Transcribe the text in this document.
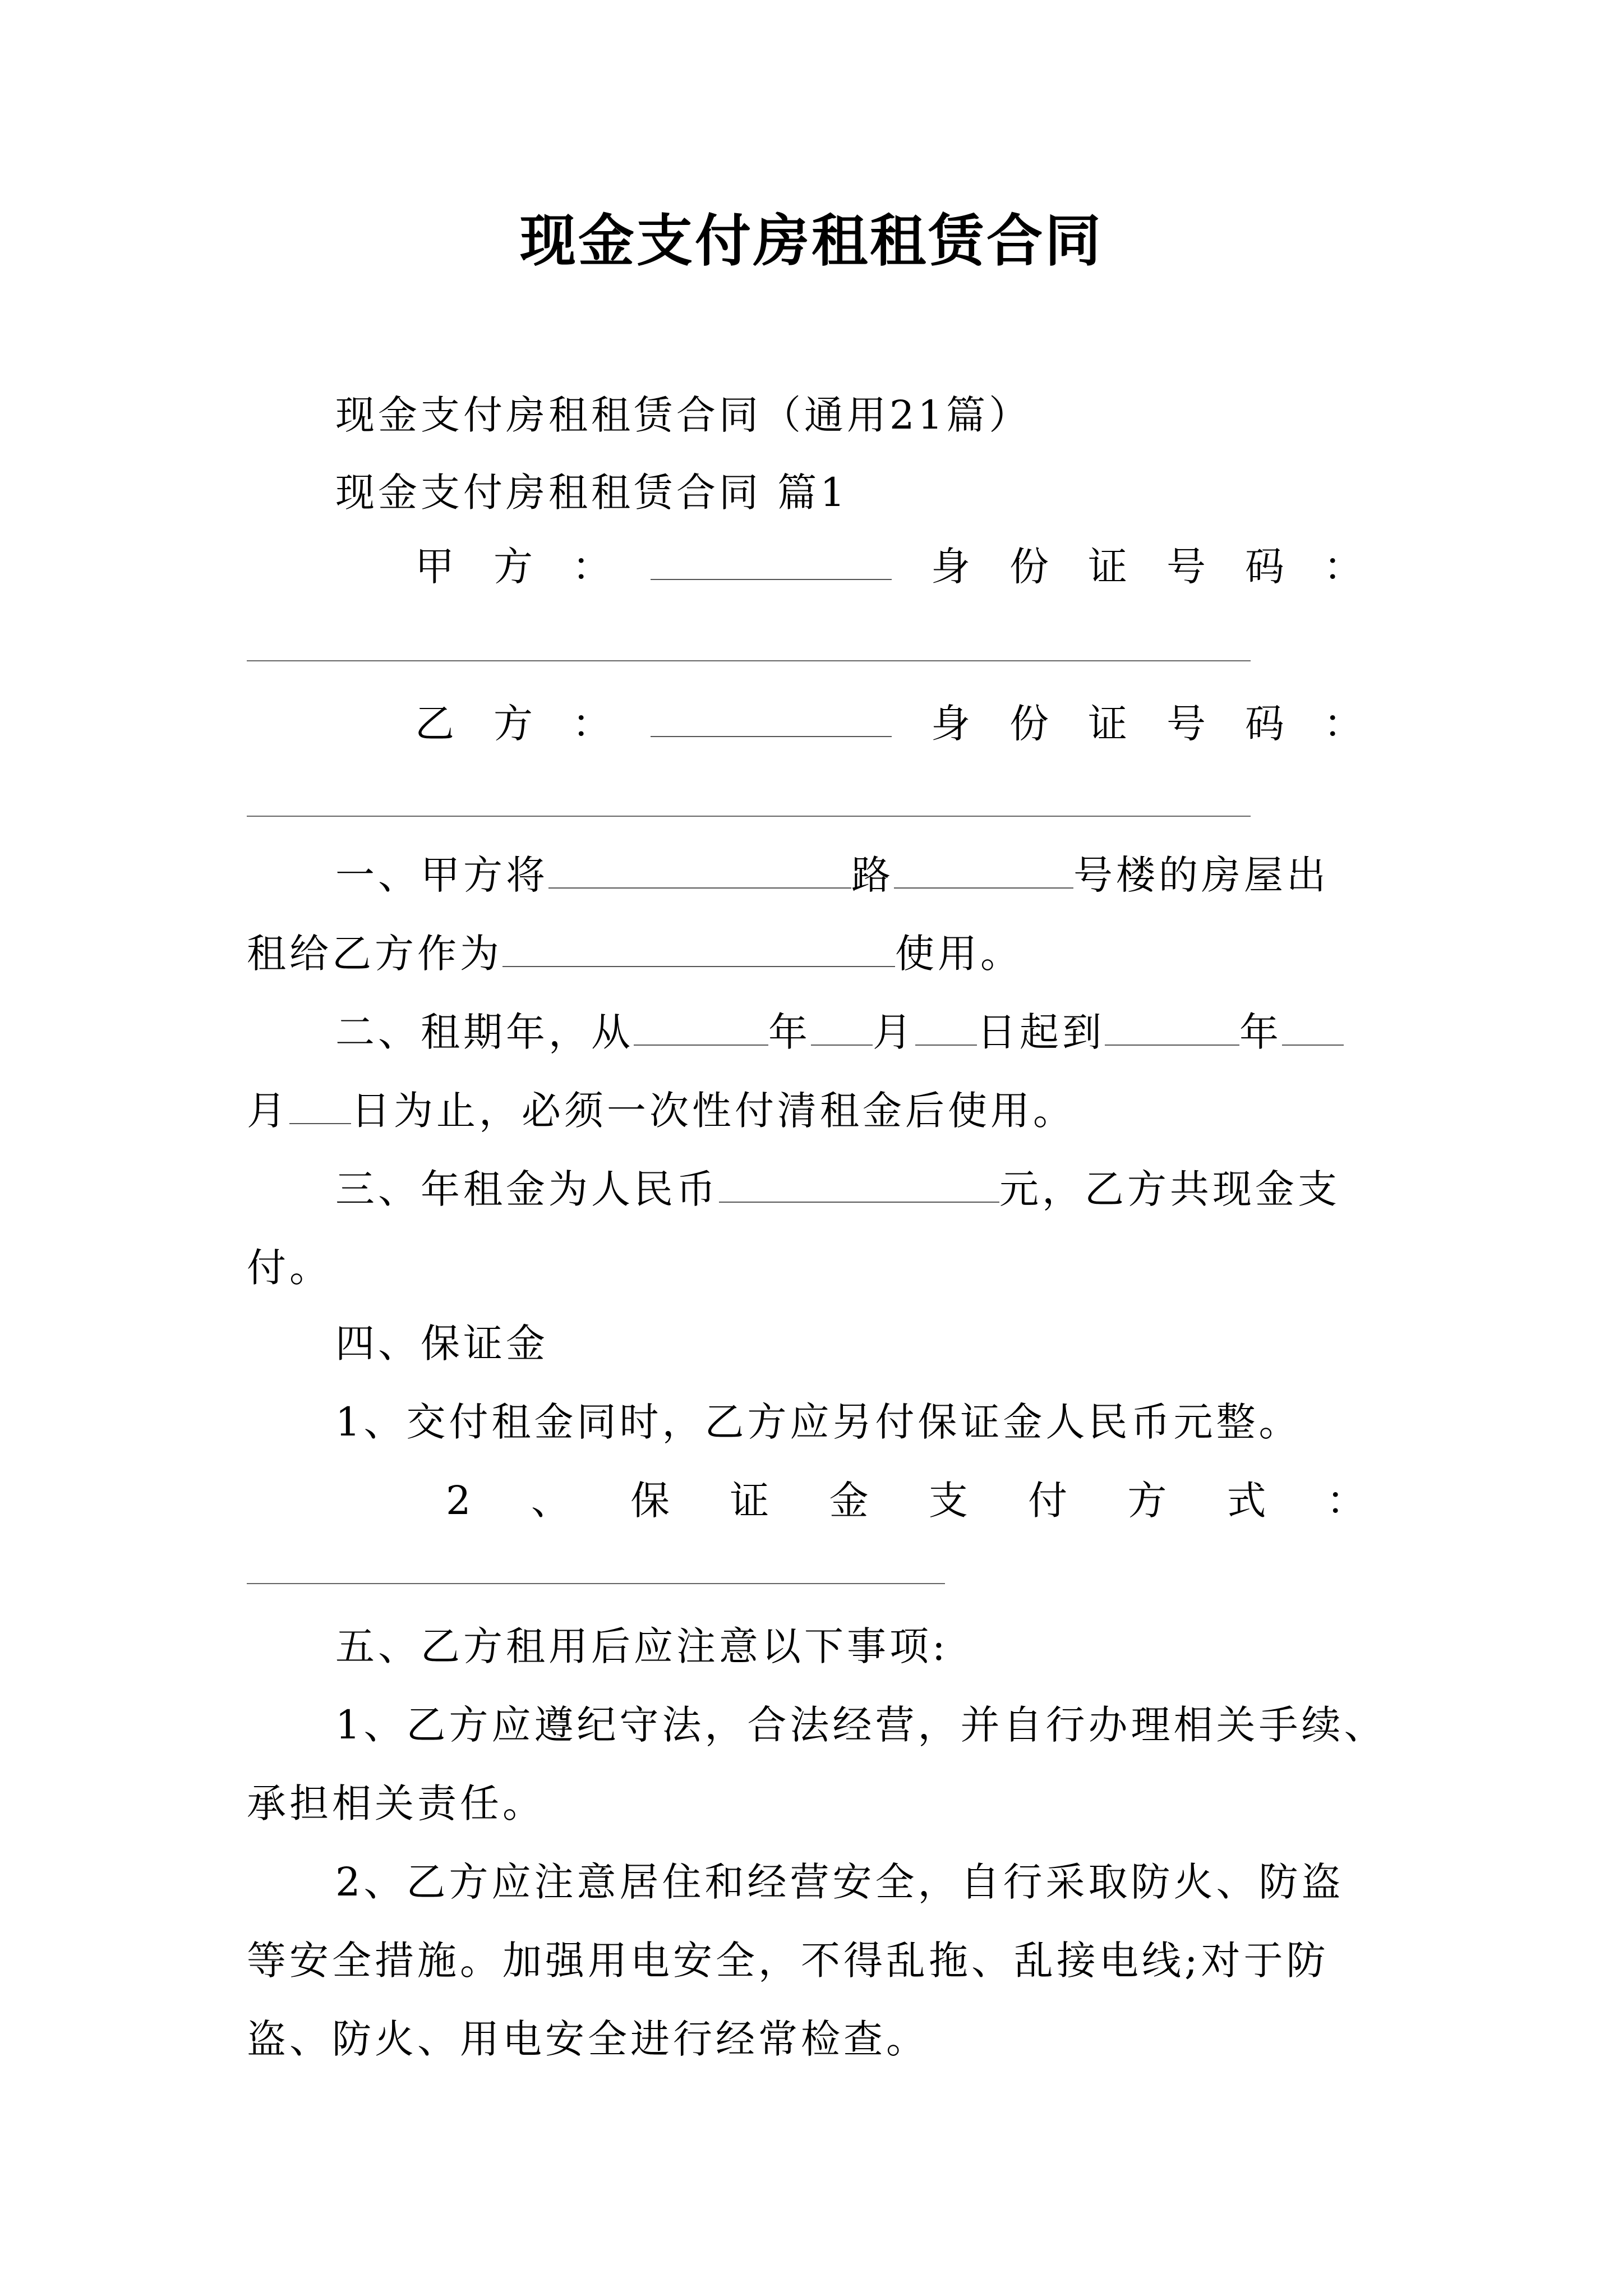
现金支付房租租赁合同
现金支付房租租赁合同（通用21篇）
现金支付房租租赁合同 篇1
甲 方 ：	身 份 证 号 码 ：
乙 方 ：	身 份 证 号 码 ：
一、甲方将	路	号楼的房屋出
租给乙方作为	使用。
二、租期年，从	年 月 日起到	年
月 日为止，必须一次性付清租金后使用。
三、年租金为人民币	元，乙方共现金支
付。
四、保证金
1、交付租金同时，乙方应另付保证金人民币元整。
2 、 保 证 金 支 付 方 式 ：
五、乙方租用后应注意以下事项:
1、乙方应遵纪守法，合法经营，并自行办理相关手续、
承担相关责任。
2、乙方应注意居住和经营安全，自行采取防火、防盗
等安全措施。加强用电安全，不得乱拖、乱接电线;对于防
盗、防火、用电安全进行经常检查。
